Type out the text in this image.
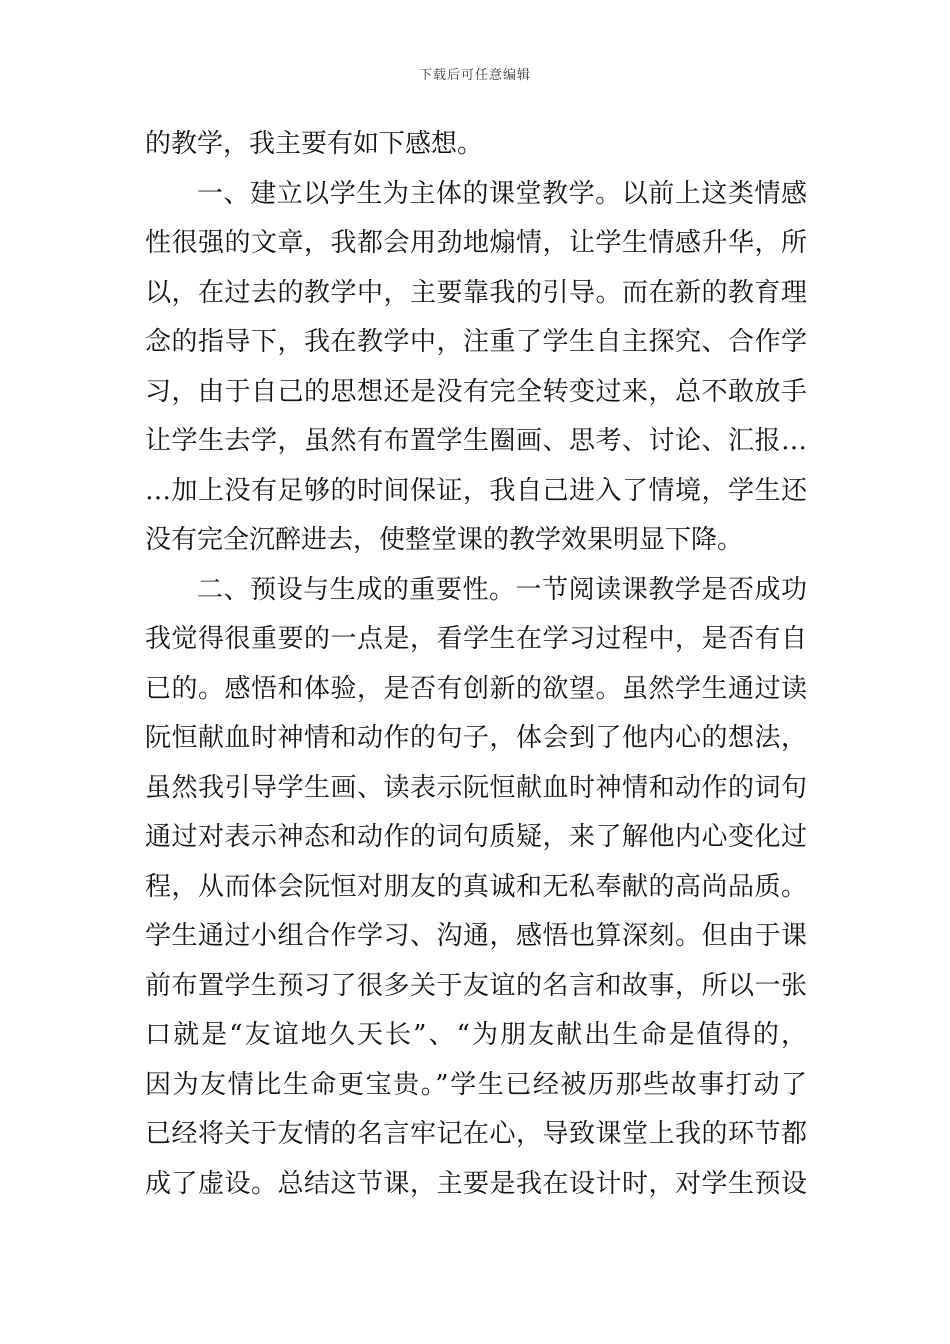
下载后可任意编辑
的教学，我主要有如下感想。
一、建立以学生为主体的课堂教学。以前上这类情感
性很强的文章，我都会用劲地煽情，让学生情感升华，所
以，在过去的教学中，主要靠我的引导。而在新的教育理
念的指导下，我在教学中，注重了学生自主探究、合作学
习，由于自己的思想还是没有完全转变过来，总不敢放手
让学生去学，虽然有布置学生圈画、思考、讨论、汇报…
…加上没有足够的时间保证，我自己进入了情境，学生还
没有完全沉醉进去，使整堂课的教学效果明显下降。
二、预设与生成的重要性。一节阅读课教学是否成功
我觉得很重要的一点是，看学生在学习过程中，是否有自
已的。感悟和体验，是否有创新的欲望。虽然学生通过读
阮恒献血时神情和动作的句子，体会到了他内心的想法，
虽然我引导学生画、读表示阮恒献血时神情和动作的词句
通过对表示神态和动作的词句质疑，来了解他内心变化过
程，从而体会阮恒对朋友的真诚和无私奉献的高尚品质。
学生通过小组合作学习、沟通，感悟也算深刻。但由于课
前布置学生预习了很多关于友谊的名言和故事，所以一张
口就是“友谊地久天长”、“为朋友献出生命是值得的，
因为友情比生命更宝贵。”学生已经被历那些故事打动了
已经将关于友情的名言牢记在心，导致课堂上我的环节都
成了虚设。总结这节课，主要是我在设计时，对学生预设
